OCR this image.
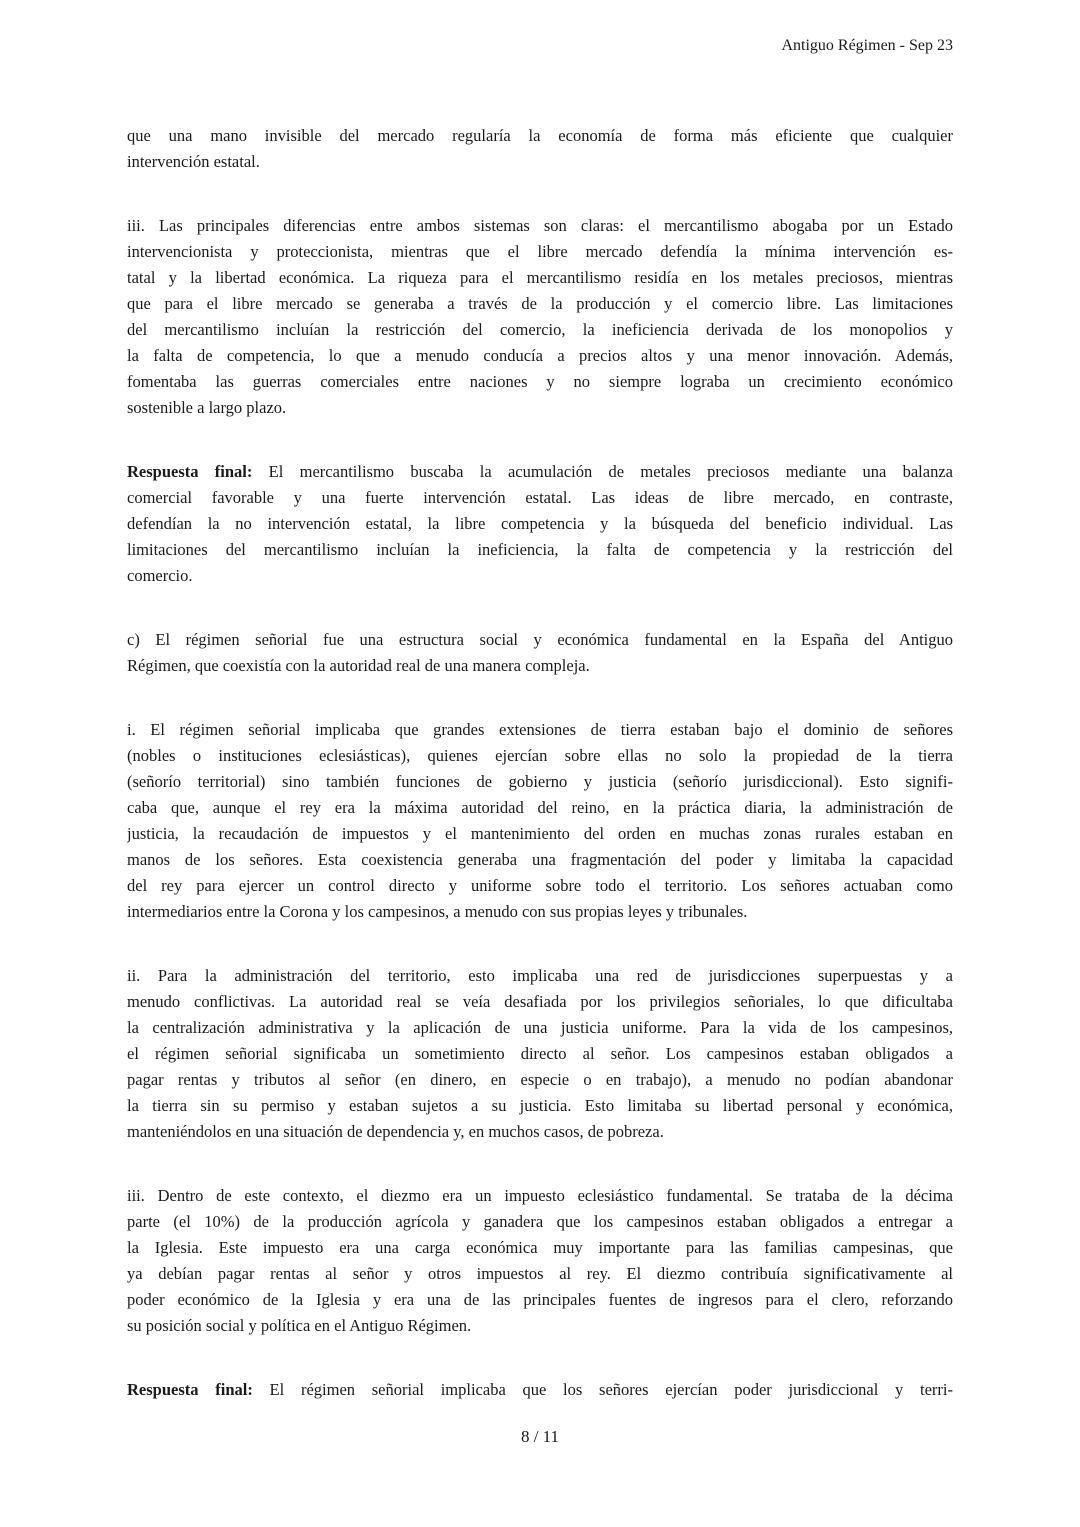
Antiguo Régimen - Sep 23
que una mano invisible del mercado regularía la economía de forma más eficiente que cualquier
intervención estatal.
iii. Las principales diferencias entre ambos sistemas son claras: el mercantilismo abogaba por un Estado
intervencionista y proteccionista, mientras que el libre mercado defendía la mínima intervención es-
tatal y la libertad económica. La riqueza para el mercantilismo residía en los metales preciosos, mientras
que para el libre mercado se generaba a través de la producción y el comercio libre. Las limitaciones
del mercantilismo incluían la restricción del comercio, la ineficiencia derivada de los monopolios y
la falta de competencia, lo que a menudo conducía a precios altos y una menor innovación. Además,
fomentaba las guerras comerciales entre naciones y no siempre lograba un crecimiento económico
sostenible a largo plazo.
Respuesta final: El mercantilismo buscaba la acumulación de metales preciosos mediante una balanza
comercial favorable y una fuerte intervención estatal. Las ideas de libre mercado, en contraste,
defendían la no intervención estatal, la libre competencia y la búsqueda del beneficio individual. Las
limitaciones del mercantilismo incluían la ineficiencia, la falta de competencia y la restricción del
comercio.
c) El régimen señorial fue una estructura social y económica fundamental en la España del Antiguo
Régimen, que coexistía con la autoridad real de una manera compleja.
i. El régimen señorial implicaba que grandes extensiones de tierra estaban bajo el dominio de señores
(nobles o instituciones eclesiásticas), quienes ejercían sobre ellas no solo la propiedad de la tierra
(señorío territorial) sino también funciones de gobierno y justicia (señorío jurisdiccional). Esto signifi-
caba que, aunque el rey era la máxima autoridad del reino, en la práctica diaria, la administración de
justicia, la recaudación de impuestos y el mantenimiento del orden en muchas zonas rurales estaban en
manos de los señores. Esta coexistencia generaba una fragmentación del poder y limitaba la capacidad
del rey para ejercer un control directo y uniforme sobre todo el territorio. Los señores actuaban como
intermediarios entre la Corona y los campesinos, a menudo con sus propias leyes y tribunales.
ii. Para la administración del territorio, esto implicaba una red de jurisdicciones superpuestas y a
menudo conflictivas. La autoridad real se veía desafiada por los privilegios señoriales, lo que dificultaba
la centralización administrativa y la aplicación de una justicia uniforme. Para la vida de los campesinos,
el régimen señorial significaba un sometimiento directo al señor. Los campesinos estaban obligados a
pagar rentas y tributos al señor (en dinero, en especie o en trabajo), a menudo no podían abandonar
la tierra sin su permiso y estaban sujetos a su justicia. Esto limitaba su libertad personal y económica,
manteniéndolos en una situación de dependencia y, en muchos casos, de pobreza.
iii. Dentro de este contexto, el diezmo era un impuesto eclesiástico fundamental. Se trataba de la décima
parte (el 10%) de la producción agrícola y ganadera que los campesinos estaban obligados a entregar a
la Iglesia. Este impuesto era una carga económica muy importante para las familias campesinas, que
ya debían pagar rentas al señor y otros impuestos al rey. El diezmo contribuía significativamente al
poder económico de la Iglesia y era una de las principales fuentes de ingresos para el clero, reforzando
su posición social y política en el Antiguo Régimen.
Respuesta final: El régimen señorial implicaba que los señores ejercían poder jurisdiccional y terri-
8 / 11
